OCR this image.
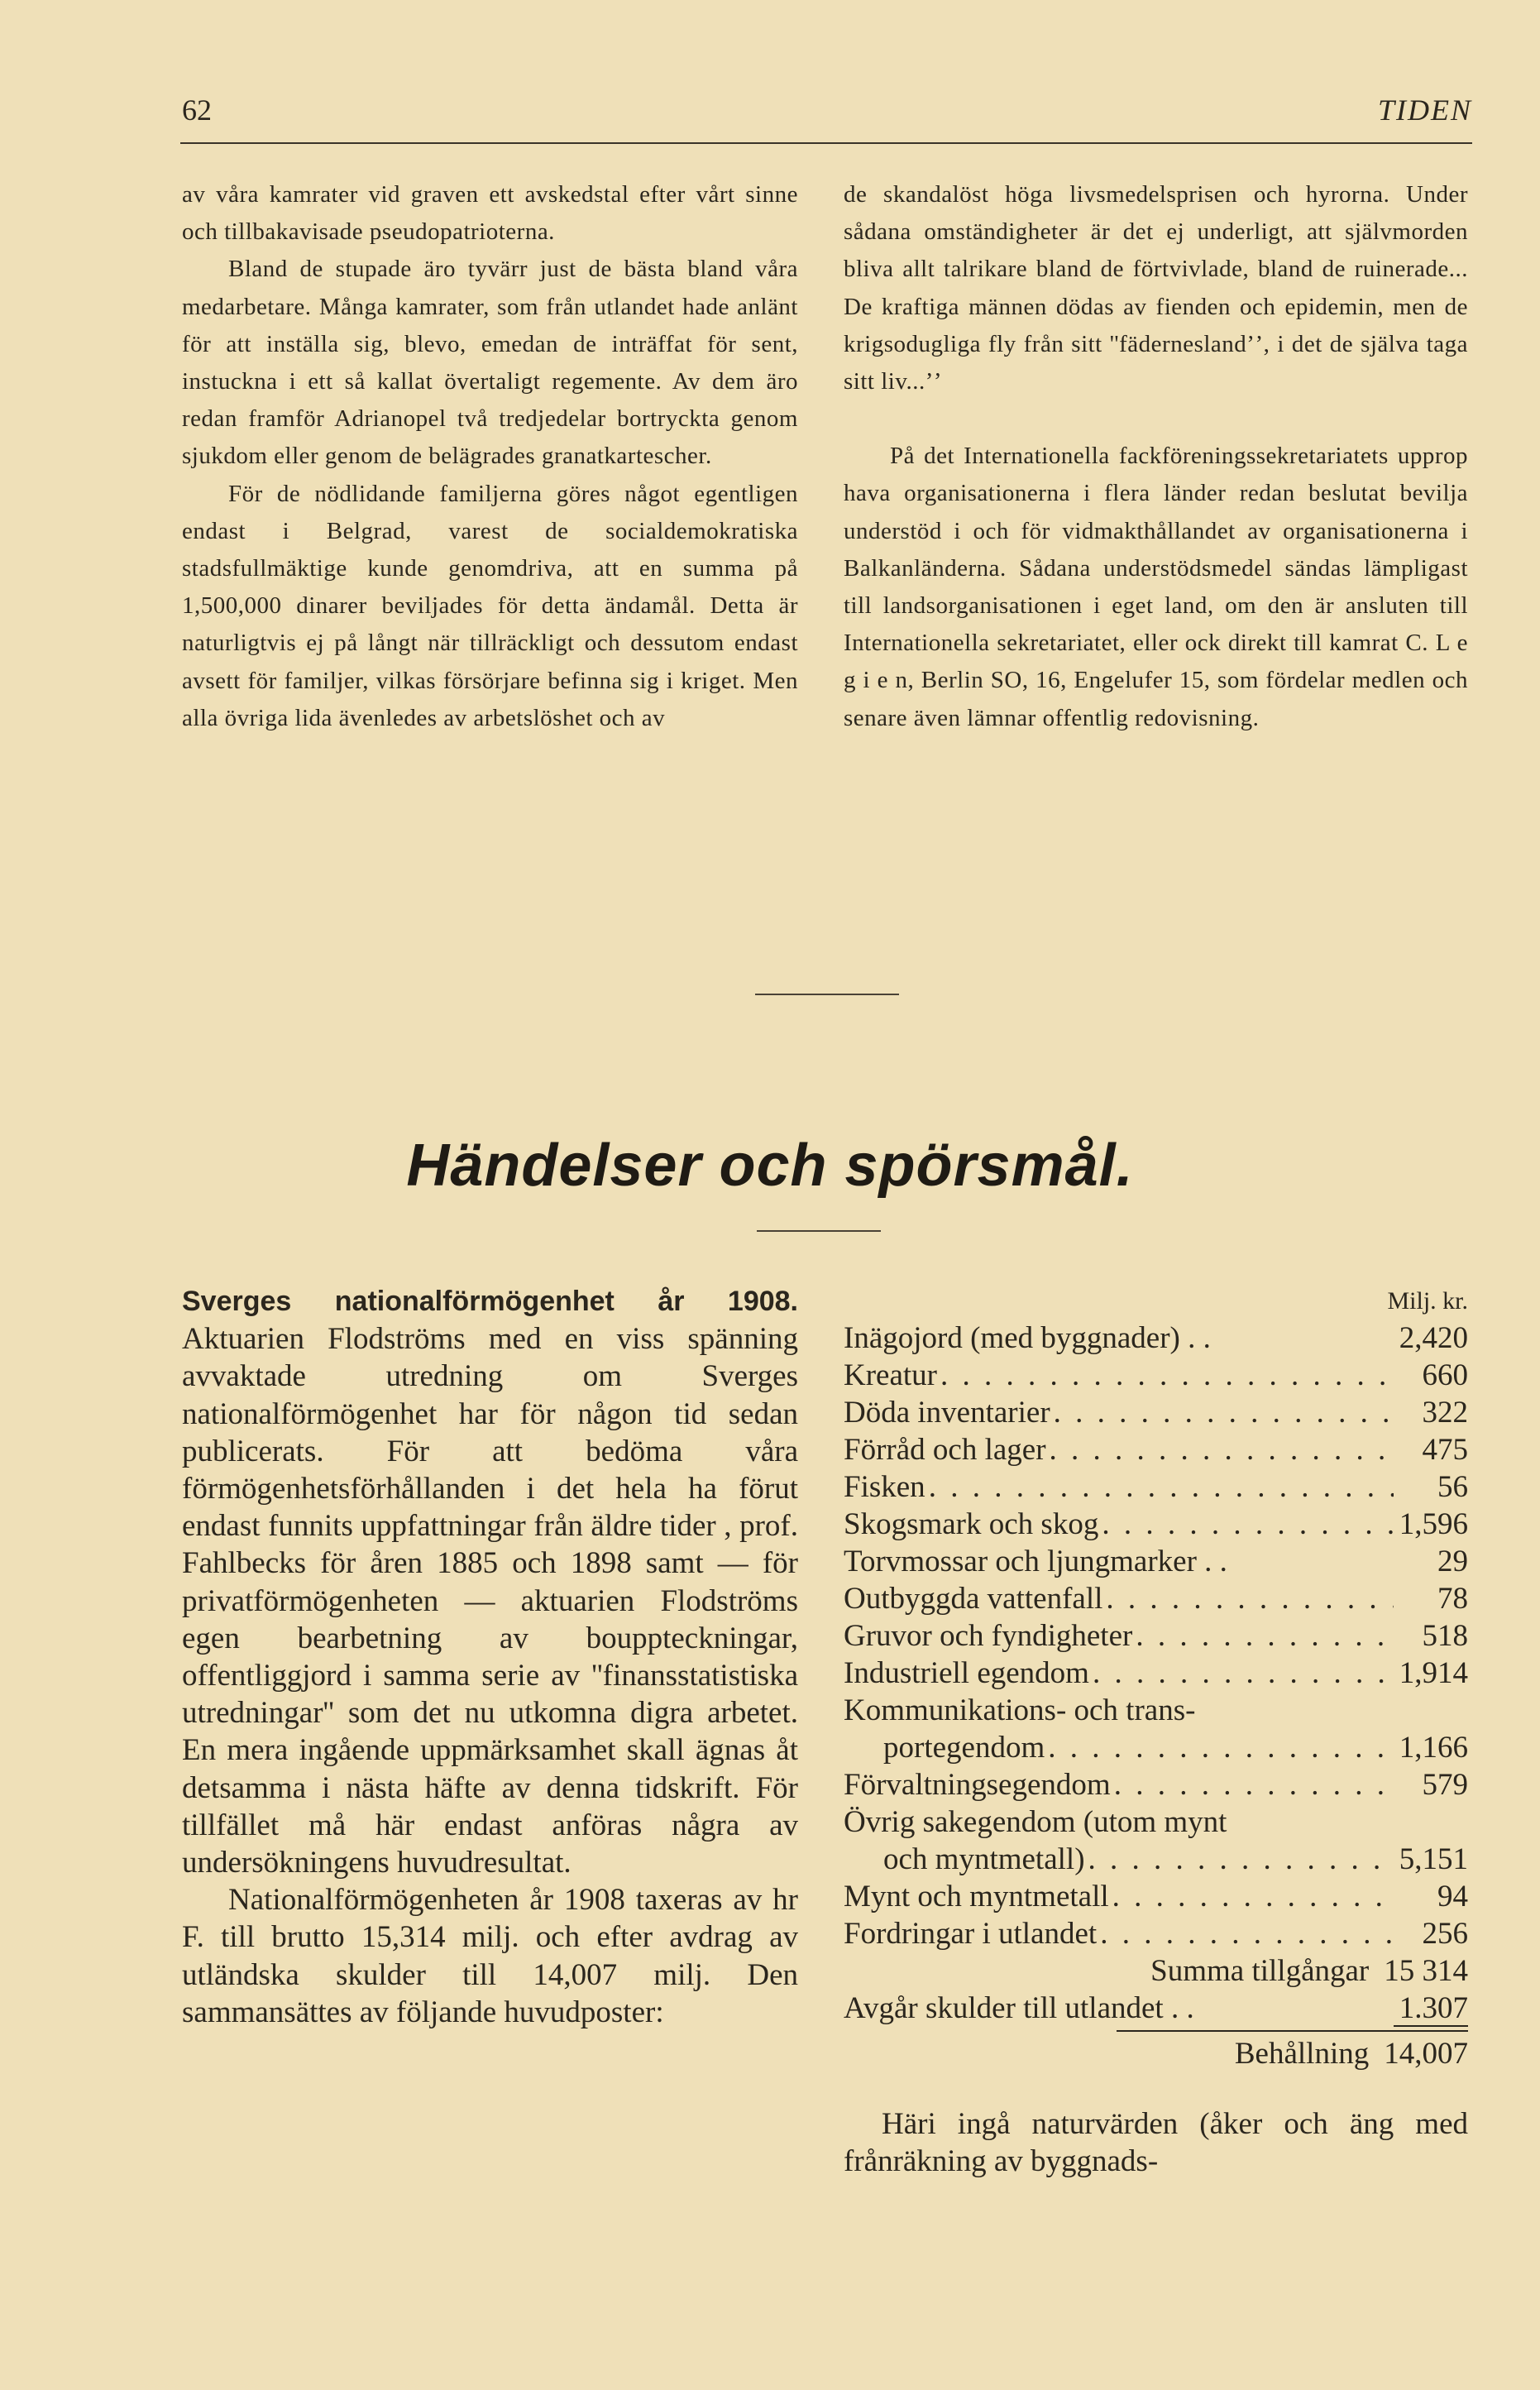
62	TIDEN

av våra kamrater vid graven ett avskedstal efter vårt sinne och tillbakavisade pseudopatrioterna.

Bland de stupade äro tyvärr just de bästa bland våra medarbetare. Många kamrater, som från utlandet hade anlänt för att inställa sig, blevo, emedan de inträffat för sent, instuckna i ett så kallat övertaligt regemente. Av dem äro redan framför Adrianopel två tredjedelar bortryckta genom sjukdom eller genom de belägrades granatkartescher.

För de nödlidande familjerna göres något egentligen endast i Belgrad, varest de socialdemokratiska stadsfullmäktige kunde genomdriva, att en summa på 1,500,000 dinarer beviljades för detta ändamål. Detta är naturligtvis ej på långt när tillräckligt och dessutom endast avsett för familjer, vilkas försörjare befinna sig i kriget. Men alla övriga lida ävenledes av arbetslöshet och av

de skandalöst höga livsmedelsprisen och hyrorna. Under sådana omständigheter är det ej underligt, att självmorden bliva allt talrikare bland de förtvivlade, bland de ruinerade... De kraftiga männen dödas av fienden och epidemin, men de krigsodugliga fly från sitt ''fäderneslandʼʼ, i det de själva taga sitt liv...ʼʼ

På det Internationella fackföreningssekretariatets upprop hava organisationerna i flera länder redan beslutat bevilja understöd i och för vidmakthållandet av organisationerna i Balkanländerna. Sådana understödsmedel sändas lämpligast till landsorganisationen i eget land, om den är ansluten till Internationella sekretariatet, eller ock direkt till kamrat C. L e g i e n, Berlin SO, 16, Engelufer 15, som fördelar medlen och senare även lämnar offentlig redovisning.

Händelser och spörsmål.

Sverges nationalförmögenhet år 1908. Aktuarien Flodströms med en viss spänning avvaktade utredning om Sverges nationalförmögenhet har för någon tid sedan publicerats. För att bedöma våra förmögenhetsförhållanden i det hela ha förut endast funnits uppfattningar från äldre tider , prof. Fahlbecks för åren 1885 och 1898 samt — för privatförmögenheten — aktuarien Flodströms egen bearbetning av bouppteckningar, offentliggjord i samma serie av ''finansstatistiska utredningar'' som det nu utkomna digra arbetet. En mera ingående uppmärksamhet skall ägnas åt detsamma i nästa häfte av denna tidskrift. För tillfället må här endast anföras några av undersökningens huvudresultat.

Nationalförmögenheten år 1908 taxeras av hr F. till brutto 15,314 milj. och efter avdrag av utländska skulder till 14,007 milj. Den sammansättes av följande huvudposter:

Milj. kr.
Inägojord (med byggnader) . .	2,420
Kreatur . . .	660
Döda inventarier . . .	322
Förråd och lager . . .	475
Fisken . . .	56
Skogsmark och skog . . .	1,596
Torvmossar och ljungmarker . .	29
Outbyggda vattenfall . . .	78
Gruvor och fyndigheter . . .	518
Industriell egendom . . .	1,914
Kommunikations- och trans-
portegendom . . .	1,166
Förvaltningsegendom . . .	579
Övrig sakegendom (utom mynt
och myntmetall) . . .	5,151
Mynt och myntmetall . . .	94
Fordringar i utlandet . . .	256
Summa tillgångar 15 314
Avgår skulder till utlandet . .	1.307
Behållning 14,007

Häri ingå naturvärden (åker och äng med frånräkning av byggnads-
